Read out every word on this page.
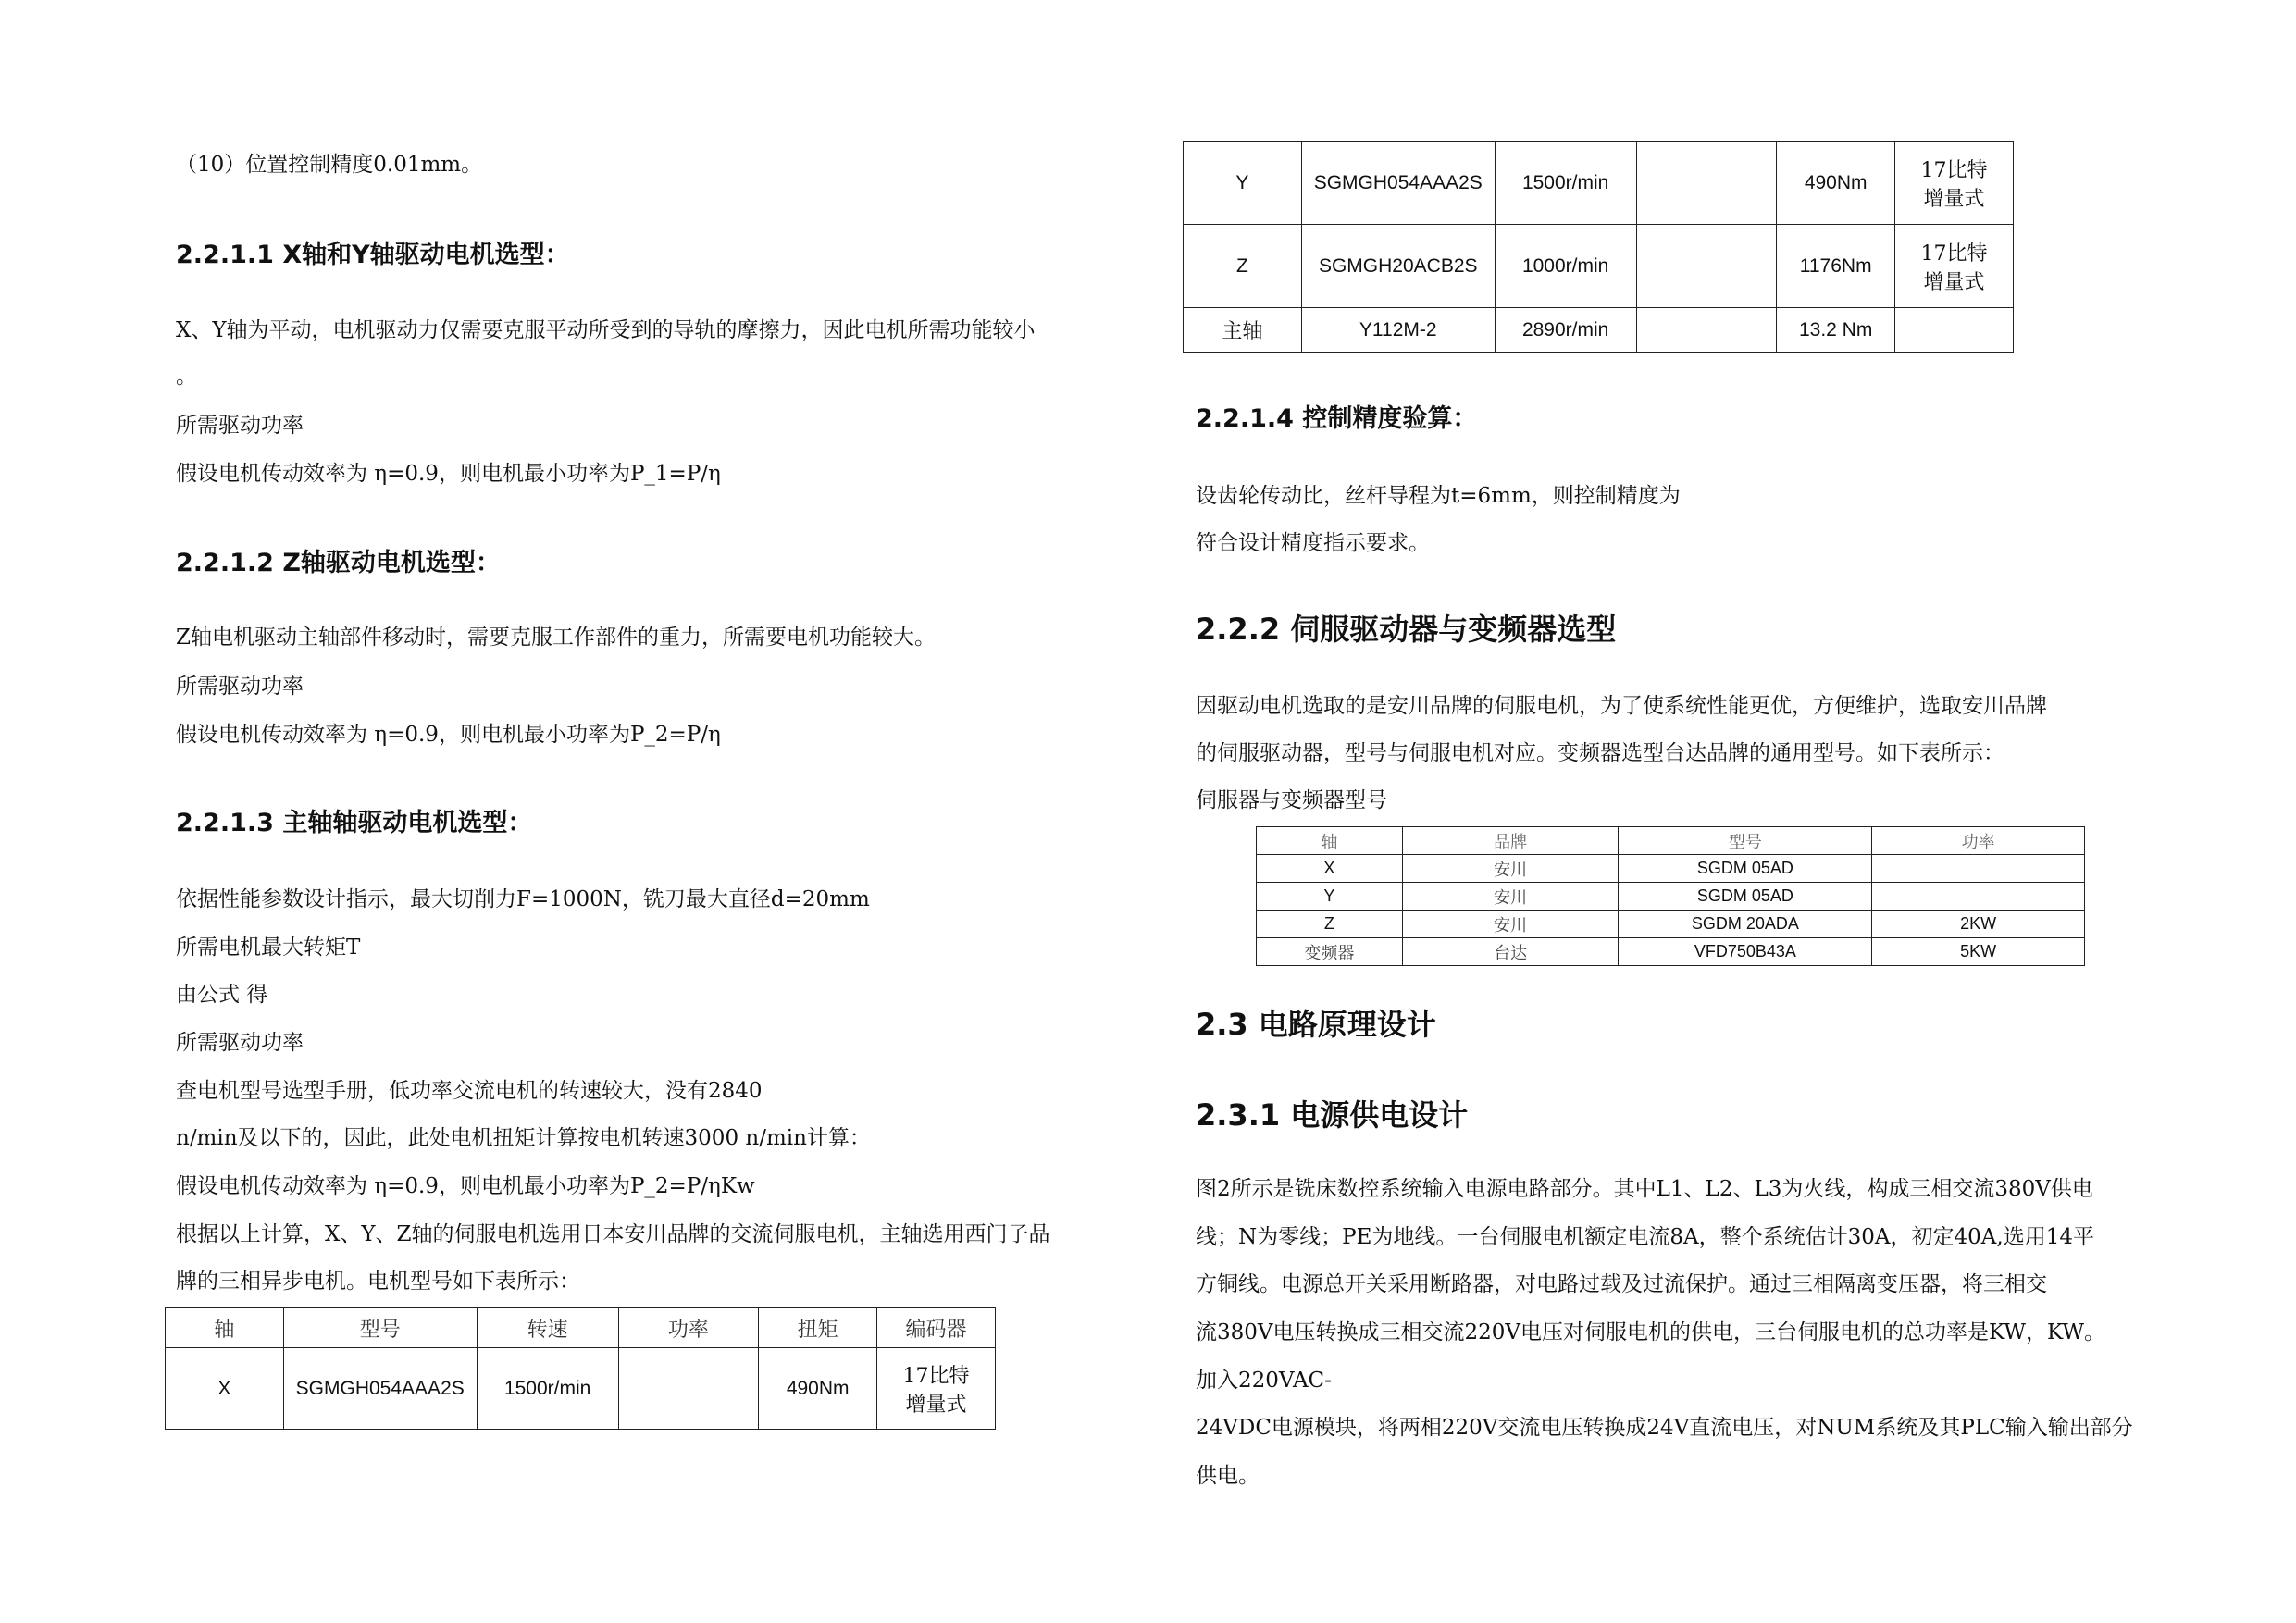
（10）位置控制精度0.01mm。

2.2.1.1 X轴和Y轴驱动电机选型：

X、Y轴为平动，电机驱动力仅需要克服平动所受到的导轨的摩擦力，因此电机所需功能较小

。

所需驱动功率

假设电机传动效率为 η=0.9，则电机最小功率为P_1=P/η

2.2.1.2 Z轴驱动电机选型：

Z轴电机驱动主轴部件移动时，需要克服工作部件的重力，所需要电机功能较大。

所需驱动功率

假设电机传动效率为 η=0.9，则电机最小功率为P_2=P/η

2.2.1.3 主轴轴驱动电机选型：

依据性能参数设计指示，最大切削力F=1000N，铣刀最大直径d=20mm

所需电机最大转矩T

由公式 得

所需驱动功率

查电机型号选型手册，低功率交流电机的转速较大，没有2840

n/min及以下的，因此，此处电机扭矩计算按电机转速3000 n/min计算：

假设电机传动效率为 η=0.9，则电机最小功率为P_2=P/ηKw

根据以上计算，X、Y、Z轴的伺服电机选用日本安川品牌的交流伺服电机，主轴选用西门子品

牌的三相异步电机。电机型号如下表所示：

轴	型号	转速	功率	扭矩	编码器
X	SGMGH054AAA2S	1500r/min		490Nm	17比特增量式
Y	SGMGH054AAA2S	1500r/min		490Nm	17比特增量式
Z	SGMGH20ACB2S	1000r/min		1176Nm	17比特增量式
主轴	Y112M-2	2890r/min		13.2 Nm	
2.2.1.4 控制精度验算：

设齿轮传动比，丝杆导程为t=6mm，则控制精度为

符合设计精度指示要求。

2.2.2 伺服驱动器与变频器选型

因驱动电机选取的是安川品牌的伺服电机，为了使系统性能更优，方便维护，选取安川品牌

的伺服驱动器，型号与伺服电机对应。变频器选型台达品牌的通用型号。如下表所示：

伺服器与变频器型号

2.3 电路原理设计
2.3.1 电源供电设计

图2所示是铣床数控系统输入电源电路部分。其中L1、L2、L3为火线，构成三相交流380V供电

线；N为零线；PE为地线。一台伺服电机额定电流8A，整个系统估计30A，初定40A,选用14平

方铜线。电源总开关采用断路器，对电路过载及过流保护。通过三相隔离变压器，将三相交

流380V电压转换成三相交流220V电压对伺服电机的供电，三台伺服电机的总功率是KW，KW。

加入220VAC-

24VDC电源模块，将两相220V交流电压转换成24V直流电压，对NUM系统及其PLC输入输出部分

供电。

轴	品牌	型号	功率
X	安川	SGDM 05AD	
Y	安川	SGDM 05AD	
Z	安川	SGDM 20ADA	2KW
变频器	台达	VFD750B43A	5KW
